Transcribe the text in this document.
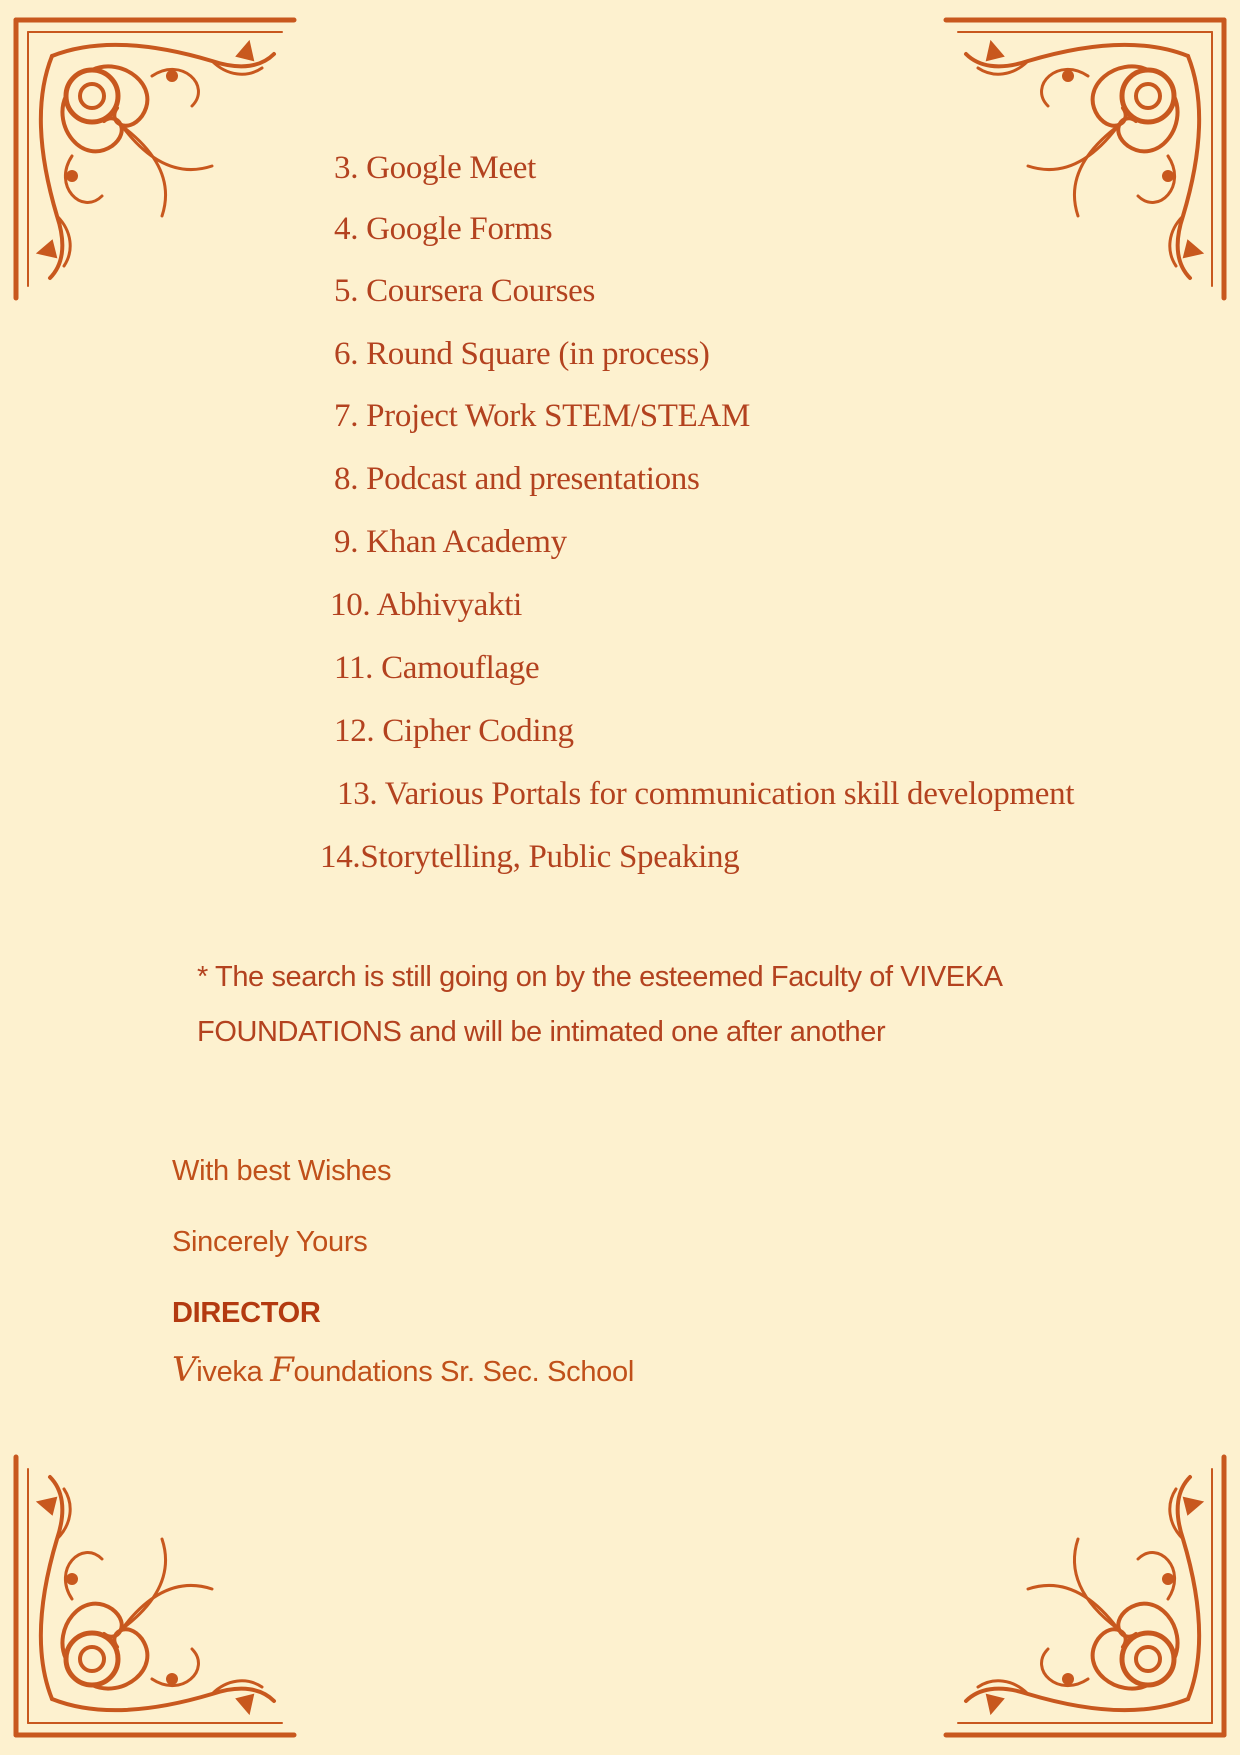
3. Google Meet
4. Google Forms
5. Coursera Courses
6. Round Square (in process)
7. Project Work STEM/STEAM
8. Podcast and presentations
9. Khan Academy
10. Abhivyakti
11. Camouflage
12. Cipher Coding
13. Various Portals for communication skill development
14.Storytelling, Public Speaking
* The search is still going on by the esteemed Faculty of VIVEKA FOUNDATIONS and will be intimated one after another
With best Wishes
Sincerely Yours
DIRECTOR
Viveka Foundations Sr. Sec. School
